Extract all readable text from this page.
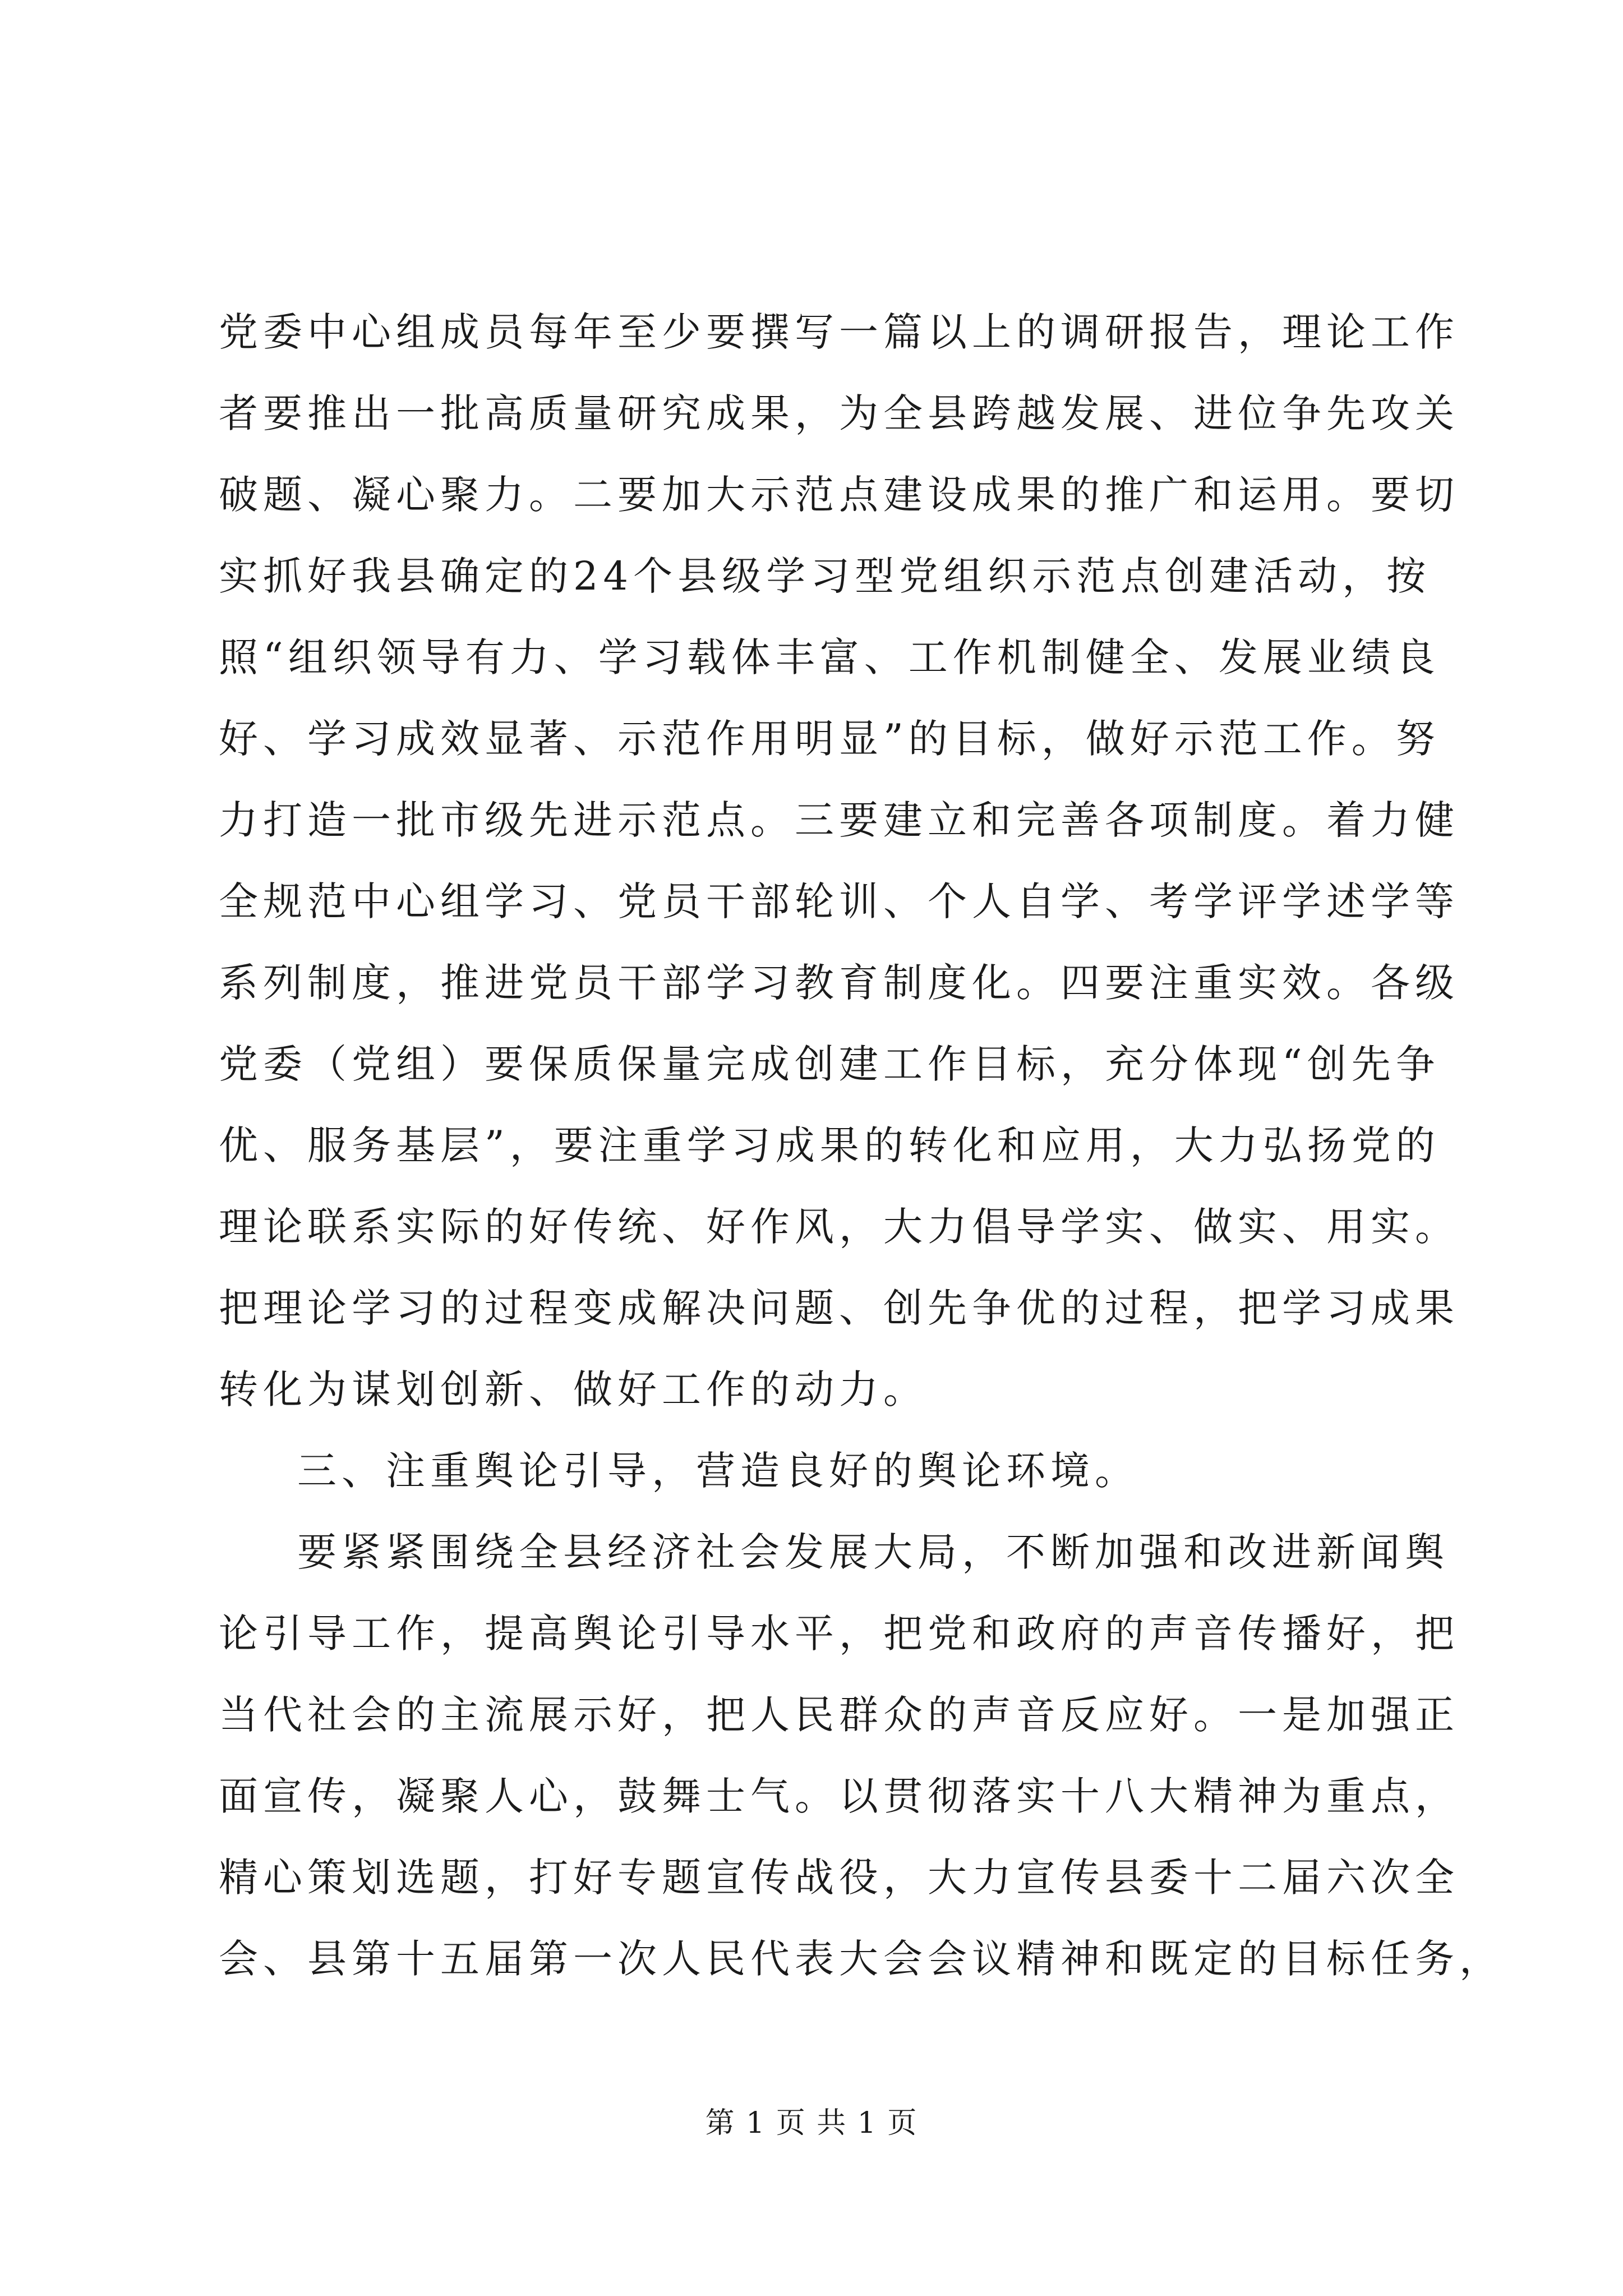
党委中心组成员每年至少要撰写一篇以上的调研报告，理论工作
者要推出一批高质量研究成果，为全县跨越发展、进位争先攻关
破题、凝心聚力。二要加大示范点建设成果的推广和运用。要切
实抓好我县确定的24个县级学习型党组织示范点创建活动，按
照“组织领导有力、学习载体丰富、工作机制健全、发展业绩良
好、学习成效显著、示范作用明显”的目标，做好示范工作。努
力打造一批市级先进示范点。三要建立和完善各项制度。着力健
全规范中心组学习、党员干部轮训、个人自学、考学评学述学等
系列制度，推进党员干部学习教育制度化。四要注重实效。各级
党委（党组）要保质保量完成创建工作目标，充分体现“创先争
优、服务基层”，要注重学习成果的转化和应用，大力弘扬党的
理论联系实际的好传统、好作风，大力倡导学实、做实、用实。
把理论学习的过程变成解决问题、创先争优的过程，把学习成果
转化为谋划创新、做好工作的动力。
三、注重舆论引导，营造良好的舆论环境。
要紧紧围绕全县经济社会发展大局，不断加强和改进新闻舆
论引导工作，提高舆论引导水平，把党和政府的声音传播好，把
当代社会的主流展示好，把人民群众的声音反应好。一是加强正
面宣传，凝聚人心，鼓舞士气。以贯彻落实十八大精神为重点，
精心策划选题，打好专题宣传战役，大力宣传县委十二届六次全
会、县第十五届第一次人民代表大会会议精神和既定的目标任务，
第 1 页 共 1 页
